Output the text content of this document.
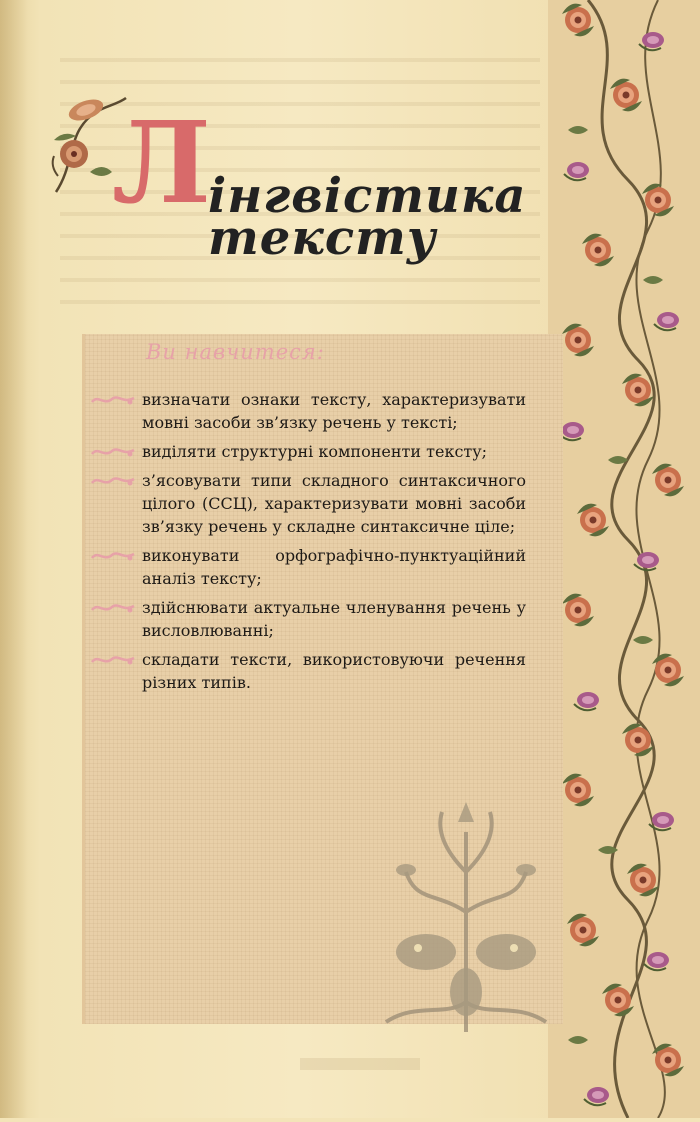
Л
інгвістика
тексту
Ви навчитеся:
визначати ознаки тексту, характеризувати мовні засоби зв’язку речень у тексті;
виділяти структурні компоненти тексту;
з’ясовувати типи складного синтаксичного цілого (ССЦ), характеризувати мовні засоби зв’язку речень у складне синтаксичне ціле;
виконувати орфографічно-пунктуаційний аналіз тексту;
здійснювати актуальне членування речень у висловлюванні;
складати тексти, використовуючи речення різних типів.
